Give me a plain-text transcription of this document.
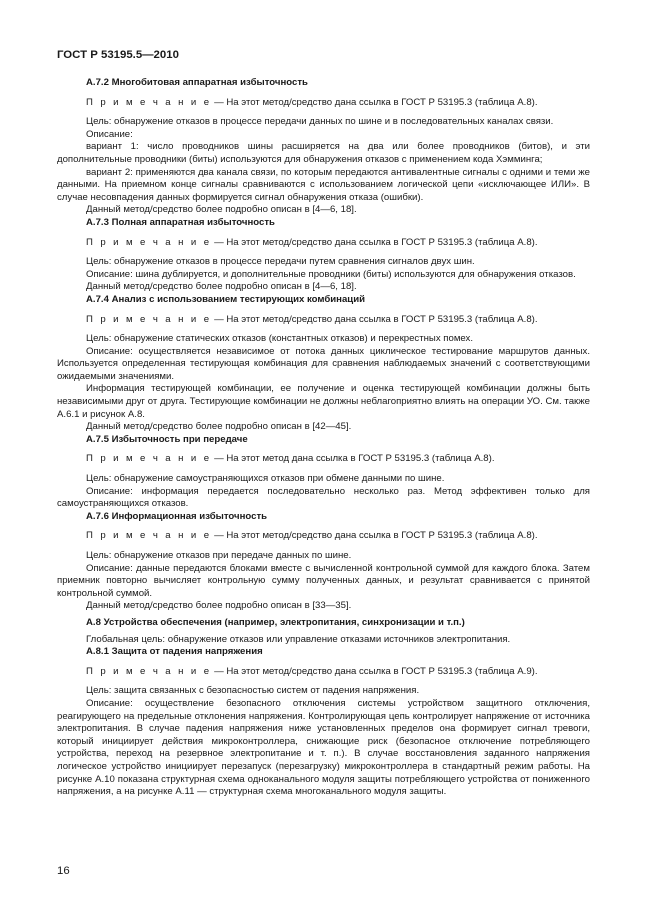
ГОСТ Р 53195.5—2010

А.7.2 Многобитовая аппаратная избыточность

П р и м е ч а н и е — На этот метод/средство дана ссылка в ГОСТ Р 53195.3 (таблица А.8).

Цель: обнаружение отказов в процессе передачи данных по шине и в последовательных каналах связи.

Описание:

вариант 1: число проводников шины расширяется на два или более проводников (битов), и эти дополнительные проводники (биты) используются для обнаружения отказов с применением кода Хэмминга;

вариант 2: применяются два канала связи, по которым передаются антивалентные сигналы с одними и теми же данными. На приемном конце сигналы сравниваются с использованием логической цепи «исключающее ИЛИ». В случае несовпадения данных формируется сигнал обнаружения отказа (ошибки).

Данный метод/средство более подробно описан в [4—6, 18].

А.7.3 Полная аппаратная избыточность

П р и м е ч а н и е — На этот метод/средство дана ссылка в ГОСТ Р 53195.3 (таблица А.8).

Цель: обнаружение отказов в процессе передачи путем сравнения сигналов двух шин.

Описание: шина дублируется, и дополнительные проводники (биты) используются для обнаружения отказов.

Данный метод/средство более подробно описан в [4—6, 18].

А.7.4 Анализ с использованием тестирующих комбинаций

П р и м е ч а н и е — На этот метод/средство дана ссылка в ГОСТ Р 53195.3 (таблица А.8).

Цель: обнаружение статических отказов (константных отказов) и перекрестных помех.

Описание: осуществляется независимое от потока данных циклическое тестирование маршрутов данных. Используется определенная тестирующая комбинация для сравнения наблюдаемых значений с соответствующими ожидаемыми значениями.

Информация тестирующей комбинации, ее получение и оценка тестирующей комбинации должны быть независимыми друг от друга. Тестирующие комбинации не должны неблагоприятно влиять на операции УО. См. также А.6.1 и рисунок А.8.

Данный метод/средство более подробно описан в [42—45].

А.7.5 Избыточность при передаче

П р и м е ч а н и е — На этот метод дана ссылка в ГОСТ Р 53195.3 (таблица А.8).

Цель: обнаружение самоустраняющихся отказов при обмене данными по шине.

Описание: информация передается последовательно несколько раз. Метод эффективен только для самоустраняющихся отказов.

А.7.6 Информационная избыточность

П р и м е ч а н и е — На этот метод/средство дана ссылка в ГОСТ Р 53195.3 (таблица А.8).

Цель: обнаружение отказов при передаче данных по шине.

Описание: данные передаются блоками вместе с вычисленной контрольной суммой для каждого блока. Затем приемник повторно вычисляет контрольную сумму полученных данных, и результат сравнивается с принятой контрольной суммой.

Данный метод/средство более подробно описан в [33—35].

А.8 Устройства обеспечения (например, электропитания, синхронизации и т.п.)

Глобальная цель: обнаружение отказов или управление отказами источников электропитания.

А.8.1 Защита от падения напряжения

П р и м е ч а н и е — На этот метод/средство дана ссылка в ГОСТ Р 53195.3 (таблица А.9).

Цель: защита связанных с безопасностью систем от падения напряжения.

Описание: осуществление безопасного отключения системы устройством защитного отключения, реагирующего на предельные отклонения напряжения. Контролирующая цепь контролирует напряжение от источника электропитания. В случае падения напряжения ниже установленных пределов она формирует сигнал тревоги, который инициирует действия микроконтроллера, снижающие риск (безопасное отключение потребляющего устройства, переход на резервное электропитание и т. п.). В случае восстановления заданного напряжения логическое устройство инициирует перезапуск (перезагрузку) микроконтроллера в стандартный режим работы. На рисунке А.10 показана структурная схема одноканального модуля защиты потребляющего устройства от пониженного напряжения, а на рисунке А.11 — структурная схема многоканального модуля защиты.

16
